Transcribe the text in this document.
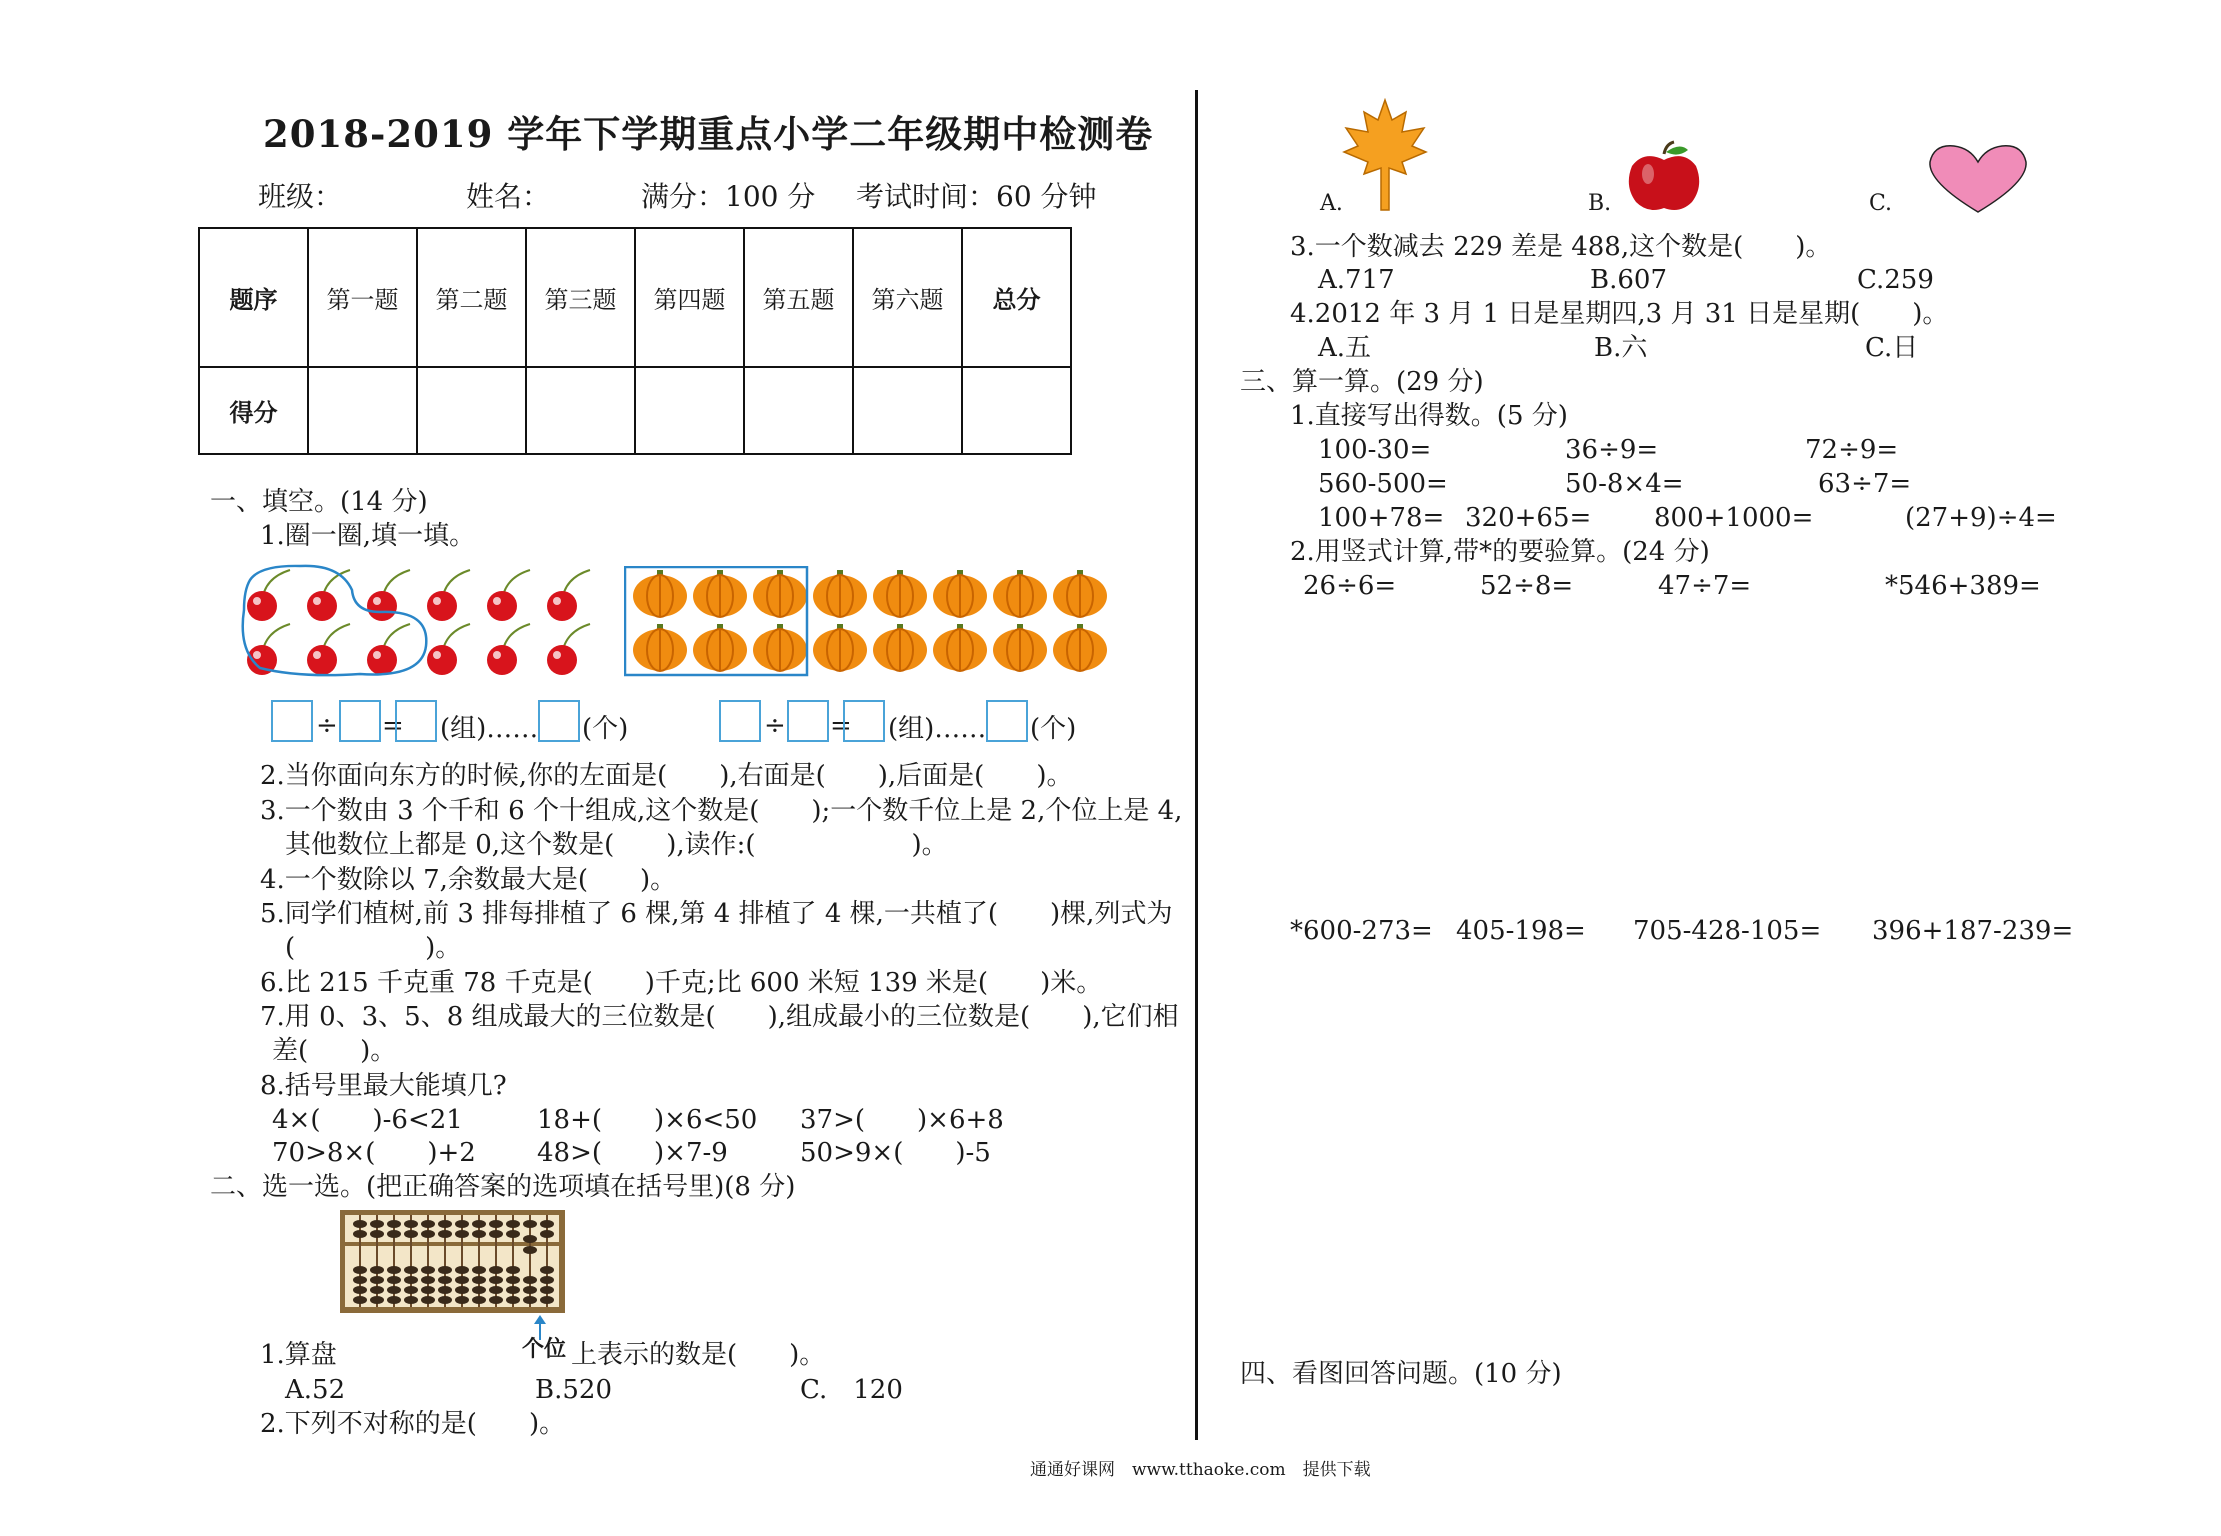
2018-2019 学年下学期重点小学二年级期中检测卷
班级：	姓名：	满分：100 分 考试时间：60 分钟
题序	第一题	第二题	第三题	第四题	第五题	第六题	总分
得分							
一、填空。(14 分)
1.圈一圈,填一填。
÷ = (组)…… (个)	÷ = (组)…… (个)
2.当你面向东方的时候,你的左面是(　　),右面是(　　),后面是(　　)。
3.一个数由 3 个千和 6 个十组成,这个数是(　　);一个数千位上是 2,个位上是 4,
其他数位上都是 0,这个数是(　　),读作:(　　　　　　)。
4.一个数除以 7,余数最大是(　　)。
5.同学们植树,前 3 排每排植了 6 棵,第 4 排植了 4 棵,一共植了(　　)棵,列式为
(　　　　　)。
6.比 215 千克重 78 千克是(　　)千克;比 600 米短 139 米是(　　)米。
7.用 0、3、5、8 组成最大的三位数是(　　),组成最小的三位数是(　　),它们相
差(　　)。
8.括号里最大能填几?
4×(　　)-6<21	18+(　　)×6<50 37>(　　)×6+8
70>8×(　　)+2 48>(　　)×7-9	50>9×(　　)-5
二、选一选。(把正确答案的选项填在括号里)(8 分)
1.算盘	个位 上表示的数是(　　)。
A.52	B.520	C.　120
2.下列不对称的是(　　)。
A.	B.	C.
3.一个数减去 229 差是 488,这个数是(　　)。
A.717	B.607	C.259
4.2012 年 3 月 1 日是星期四,3 月 31 日是星期(　　)。
A.五	B.六	C.日
三、算一算。(29 分)
1.直接写出得数。(5 分)
100-30=	36÷9=	72÷9=
560-500=	50-8×4=	63÷7=
100+78= 320+65= 800+1000=	(27+9)÷4=
2.用竖式计算,带*的要验算。(24 分)
26÷6=	52÷8=	47÷7=	*546+389=
*600-273= 405-198= 705-428-105= 396+187-239=
四、看图回答问题。(10 分)
通通好课网　www.tthaoke.com　提供下载
